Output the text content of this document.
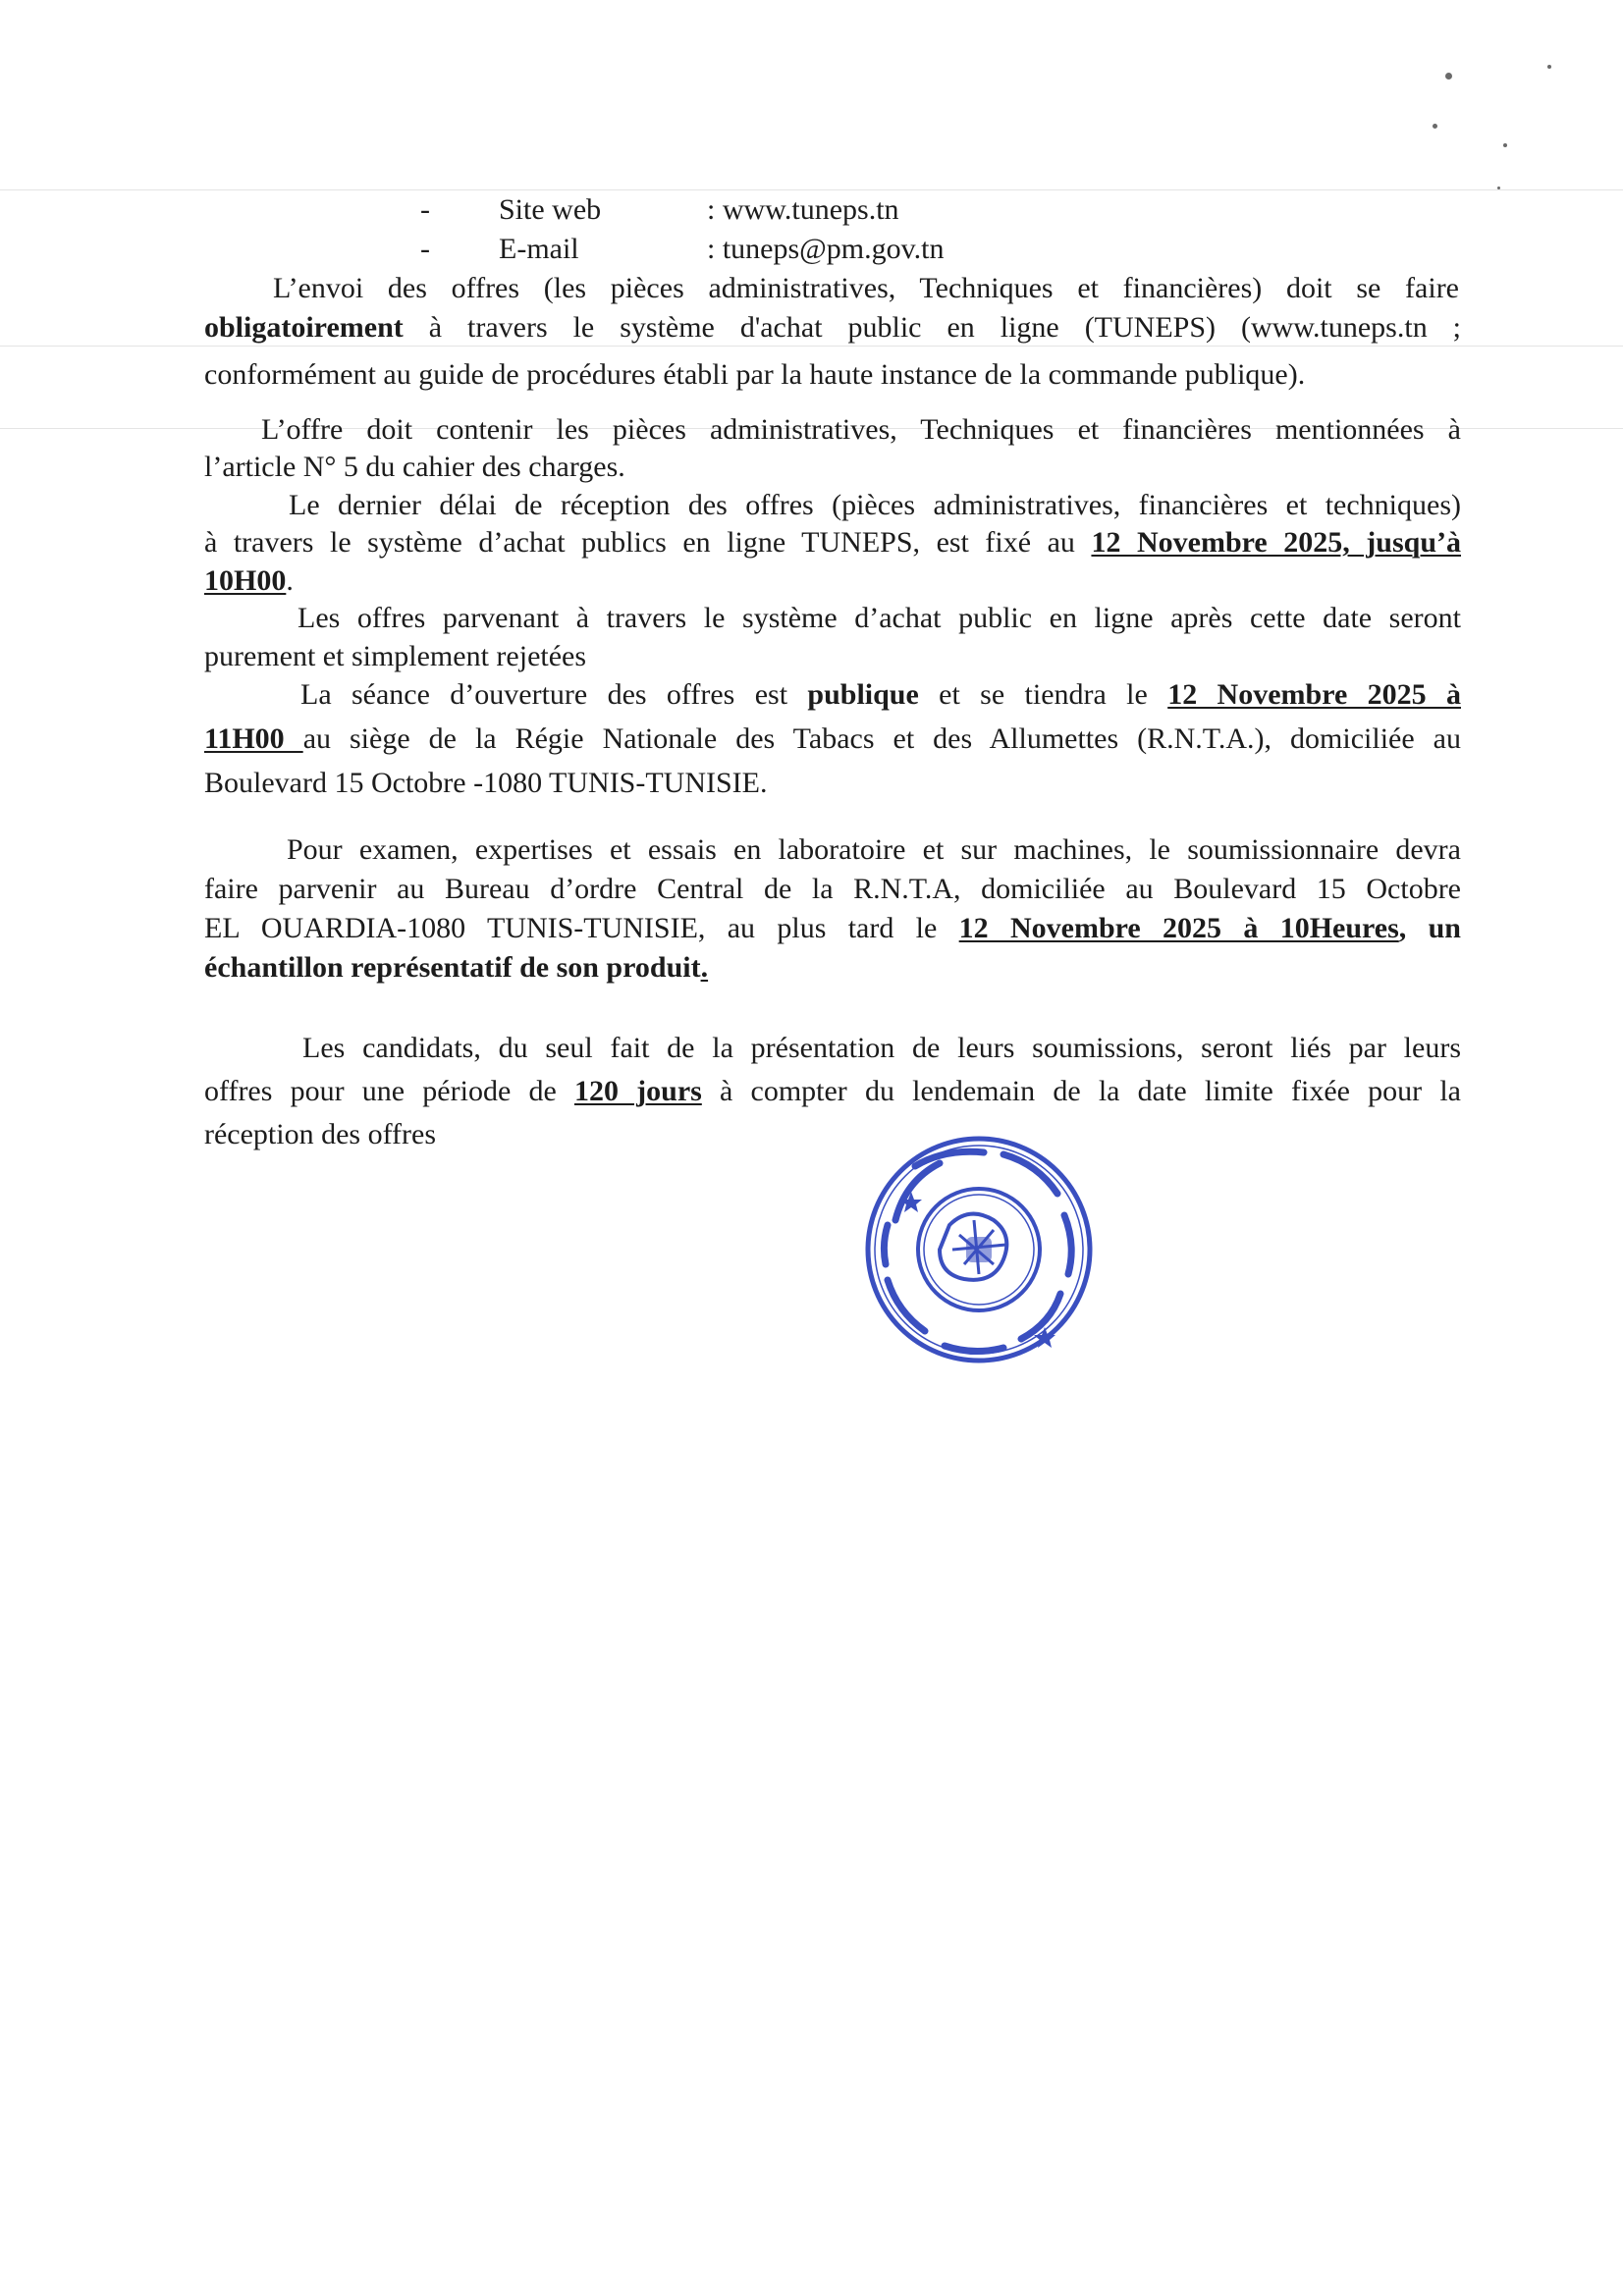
- Site web	: www.tuneps.tn
- E-mail	: tuneps@pm.gov.tn
L’envoi des offres (les pièces administratives, Techniques et financières) doit se faire
obligatoirement à travers le système d'achat public en ligne (TUNEPS) (www.tuneps.tn ;
conformément au guide de procédures établi par la haute instance de la commande publique).
L’offre doit contenir les pièces administratives, Techniques et financières mentionnées à
l’article N° 5 du cahier des charges.
Le dernier délai de réception des offres (pièces administratives, financières et techniques)
à travers le système d’achat publics en ligne TUNEPS, est fixé au 12 Novembre 2025, jusqu’à
10H00.
Les offres parvenant à travers le système d’achat public en ligne après cette date seront
purement et simplement rejetées
La séance d’ouverture des offres est publique et se tiendra le 12 Novembre 2025 à
11H00 au siège de la Régie Nationale des Tabacs et des Allumettes (R.N.T.A.), domiciliée au
Boulevard 15 Octobre -1080 TUNIS-TUNISIE.
Pour examen, expertises et essais en laboratoire et sur machines, le soumissionnaire devra
faire parvenir au Bureau d’ordre Central de la R.N.T.A, domiciliée au Boulevard 15 Octobre
EL OUARDIA-1080 TUNIS-TUNISIE, au plus tard le 12 Novembre 2025 à 10Heures, un
échantillon représentatif de son produit.
Les candidats, du seul fait de la présentation de leurs soumissions, seront liés par leurs
offres pour une période de 120 jours à compter du lendemain de la date limite fixée pour la
réception des offres
